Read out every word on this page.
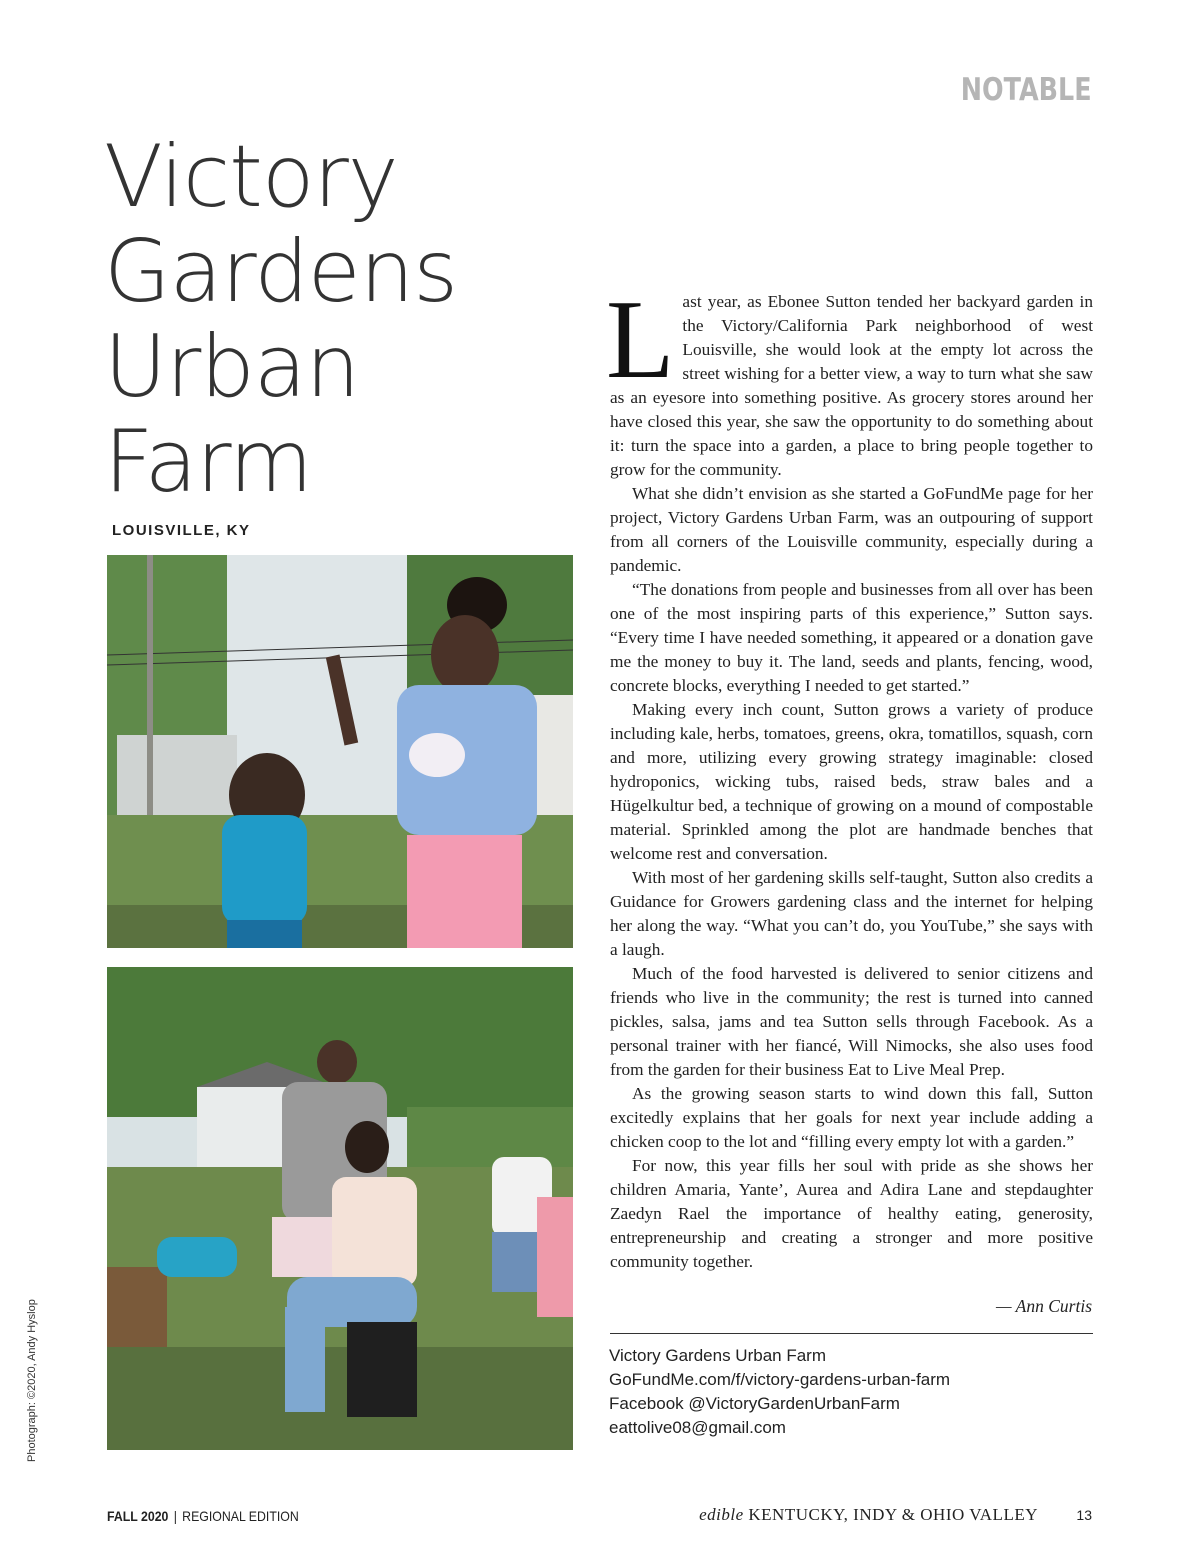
NOTABLE
Victory
Gardens
Urban
Farm
LOUISVILLE, KY
Photograph: ©2020, Andy Hyslop

Last year, as Ebonee Sutton tended her backyard garden in the Victory/California Park neighborhood of west Louisville, she would look at the empty lot across the street wishing for a better view, a way to turn what she saw as an eyesore into something positive. As grocery stores around her have closed this year, she saw the opportunity to do something about it: turn the space into a garden, a place to bring people together to grow for the community.

What she didn’t envision as she started a GoFundMe page for her project, Victory Gardens Urban Farm, was an outpouring of support from all corners of the Louisville community, especially during a pandemic.

“The donations from people and businesses from all over has been one of the most inspiring parts of this experience,” Sutton says. “Every time I have needed something, it appeared or a donation gave me the money to buy it. The land, seeds and plants, fencing, wood, concrete blocks, everything I needed to get started.”

Making every inch count, Sutton grows a variety of produce including kale, herbs, tomatoes, greens, okra, tomatillos, squash, corn and more, utilizing every growing strategy imaginable: closed hydroponics, wicking tubs, raised beds, straw bales and a Hügelkultur bed, a technique of growing on a mound of compostable material. Sprinkled among the plot are handmade benches that welcome rest and conversation.

With most of her gardening skills self-taught, Sutton also credits a Guidance for Growers gardening class and the internet for helping her along the way. “What you can’t do, you YouTube,” she says with a laugh.

Much of the food harvested is delivered to senior citizens and friends who live in the community; the rest is turned into canned pickles, salsa, jams and tea Sutton sells through Facebook. As a personal trainer with her fiancé, Will Nimocks, she also uses food from the garden for their business Eat to Live Meal Prep.

As the growing season starts to wind down this fall, Sutton excitedly explains that her goals for next year include adding a chicken coop to the lot and “filling every empty lot with a garden.”

For now, this year fills her soul with pride as she shows her children Amaria, Yante’, Aurea and Adira Lane and stepdaughter Zaedyn Rael the importance of healthy eating, generosity, entrepreneurship and creating a stronger and more positive community together.

— Ann Curtis
Victory Gardens Urban Farm
GoFundMe.com/f/victory-gardens-urban-farm
Facebook @VictoryGardenUrbanFarm
eattolive08@gmail.com
FALL 2020 | REGIONAL EDITION	edible KENTUCKY, INDY & OHIO VALLEY	13
